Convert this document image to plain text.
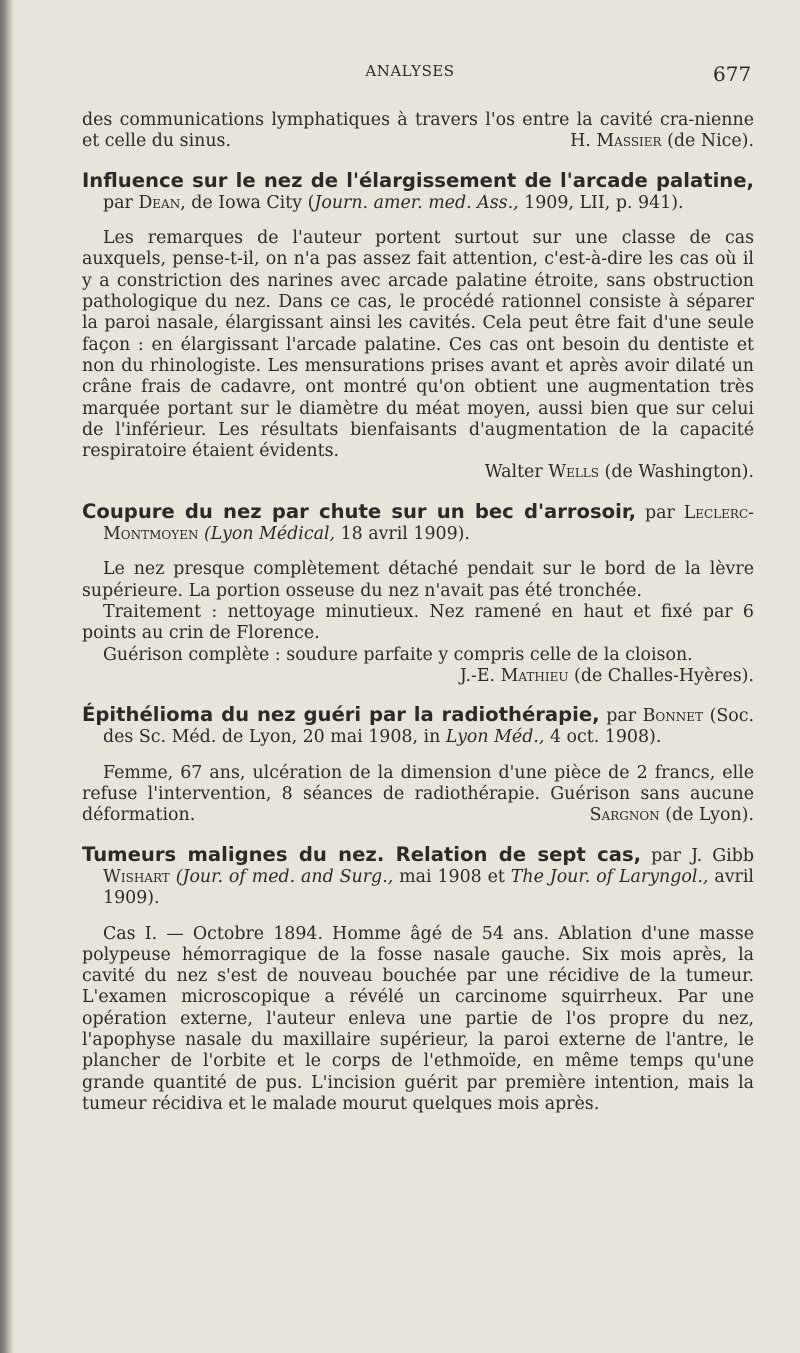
ANALYSES	677

des communications lymphatiques à travers l'os entre la cavité cra-nienne et celle du sinus.	H. Massier (de Nice).

Influence sur le nez de l'élargissement de l'arcade palatine, par Dean, de Iowa City (Journ. amer. med. Ass., 1909, LII, p. 941).

Les remarques de l'auteur portent surtout sur une classe de cas auxquels, pense-t-il, on n'a pas assez fait attention, c'est-à-dire les cas où il y a constriction des narines avec arcade palatine étroite, sans obstruction pathologique du nez. Dans ce cas, le procédé rationnel consiste à séparer la paroi nasale, élargissant ainsi les cavités. Cela peut être fait d'une seule façon : en élargissant l'arcade palatine. Ces cas ont besoin du dentiste et non du rhinologiste. Les mensurations prises avant et après avoir dilaté un crâne frais de cadavre, ont montré qu'on obtient une augmentation très marquée portant sur le diamètre du méat moyen, aussi bien que sur celui de l'inférieur. Les résultats bienfaisants d'augmentation de la capacité respiratoire étaient évidents.

Walter Wells (de Washington).

Coupure du nez par chute sur un bec d'arrosoir, par Leclerc-Montmoyen (Lyon Médical, 18 avril 1909).

Le nez presque complètement détaché pendait sur le bord de la lèvre supérieure. La portion osseuse du nez n'avait pas été tronchée.

Traitement : nettoyage minutieux. Nez ramené en haut et fixé par 6 points au crin de Florence.

Guérison complète : soudure parfaite y compris celle de la cloison.

J.-E. Mathieu (de Challes-Hyères).

Épithélioma du nez guéri par la radiothérapie, par Bonnet (Soc. des Sc. Méd. de Lyon, 20 mai 1908, in Lyon Méd., 4 oct. 1908).

Femme, 67 ans, ulcération de la dimension d'une pièce de 2 francs, elle refuse l'intervention, 8 séances de radiothérapie. Guérison sans aucune déformation.	Sargnon (de Lyon).

Tumeurs malignes du nez. Relation de sept cas, par J. Gibb Wishart (Jour. of med. and Surg., mai 1908 et The Jour. of Laryngol., avril 1909).

Cas I. — Octobre 1894. Homme âgé de 54 ans. Ablation d'une masse polypeuse hémorragique de la fosse nasale gauche. Six mois après, la cavité du nez s'est de nouveau bouchée par une récidive de la tumeur. L'examen microscopique a révélé un carcinome squirrheux. Par une opération externe, l'auteur enleva une partie de l'os propre du nez, l'apophyse nasale du maxillaire supérieur, la paroi externe de l'antre, le plancher de l'orbite et le corps de l'ethmoïde, en même temps qu'une grande quantité de pus. L'incision guérit par première intention, mais la tumeur récidiva et le malade mourut quelques mois après.
